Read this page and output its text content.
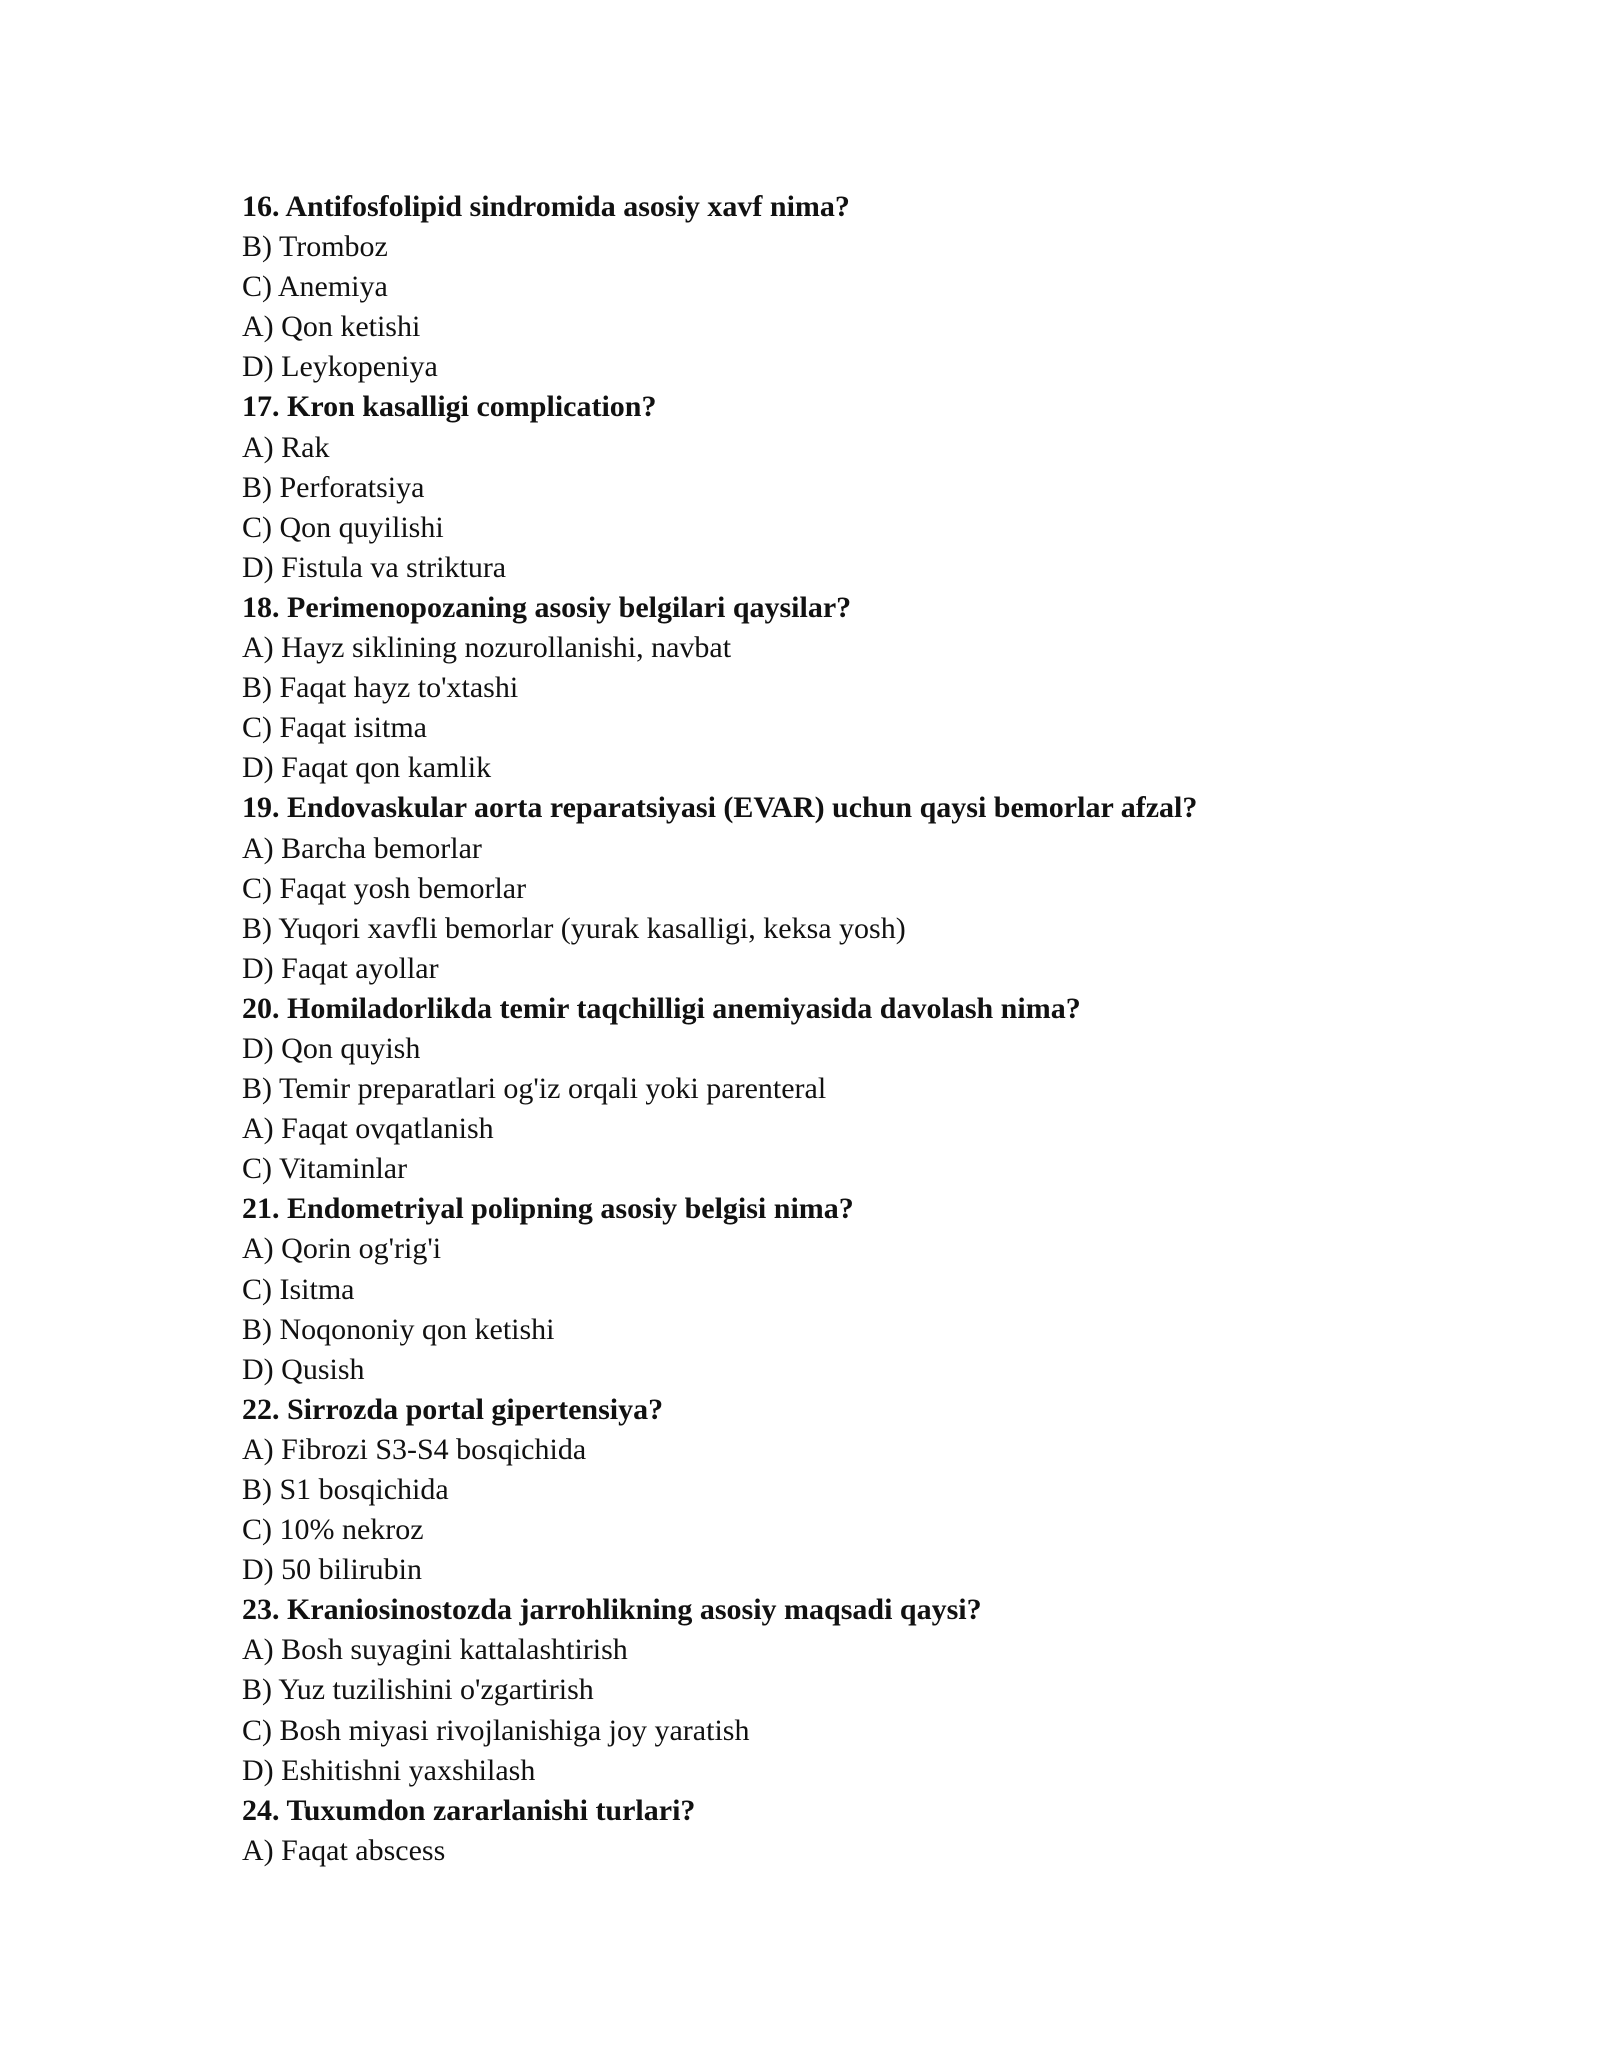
16. Antifosfolipid sindromida asosiy xavf nima?
B) Tromboz
C) Anemiya
A) Qon ketishi
D) Leykopeniya
17. Kron kasalligi complication?
A) Rak
B) Perforatsiya
C) Qon quyilishi
D) Fistula va striktura
18. Perimenopozaning asosiy belgilari qaysilar?
A) Hayz siklining nozurollanishi, navbat
B) Faqat hayz to'xtashi
C) Faqat isitma
D) Faqat qon kamlik
19. Endovaskular aorta reparatsiyasi (EVAR) uchun qaysi bemorlar afzal?
A) Barcha bemorlar
C) Faqat yosh bemorlar
B) Yuqori xavfli bemorlar (yurak kasalligi, keksa yosh)
D) Faqat ayollar
20. Homiladorlikda temir taqchilligi anemiyasida davolash nima?
D) Qon quyish
B) Temir preparatlari og'iz orqali yoki parenteral
A) Faqat ovqatlanish
C) Vitaminlar
21. Endometriyal polipning asosiy belgisi nima?
A) Qorin og'rig'i
C) Isitma
B) Noqononiy qon ketishi
D) Qusish
22. Sirrozda portal gipertensiya?
A) Fibrozi S3-S4 bosqichida
B) S1 bosqichida
C) 10% nekroz
D) 50 bilirubin
23. Kraniosinostozda jarrohlikning asosiy maqsadi qaysi?
A) Bosh suyagini kattalashtirish
B) Yuz tuzilishini o'zgartirish
C) Bosh miyasi rivojlanishiga joy yaratish
D) Eshitishni yaxshilash
24. Tuxumdon zararlanishi turlari?
A) Faqat abscess
